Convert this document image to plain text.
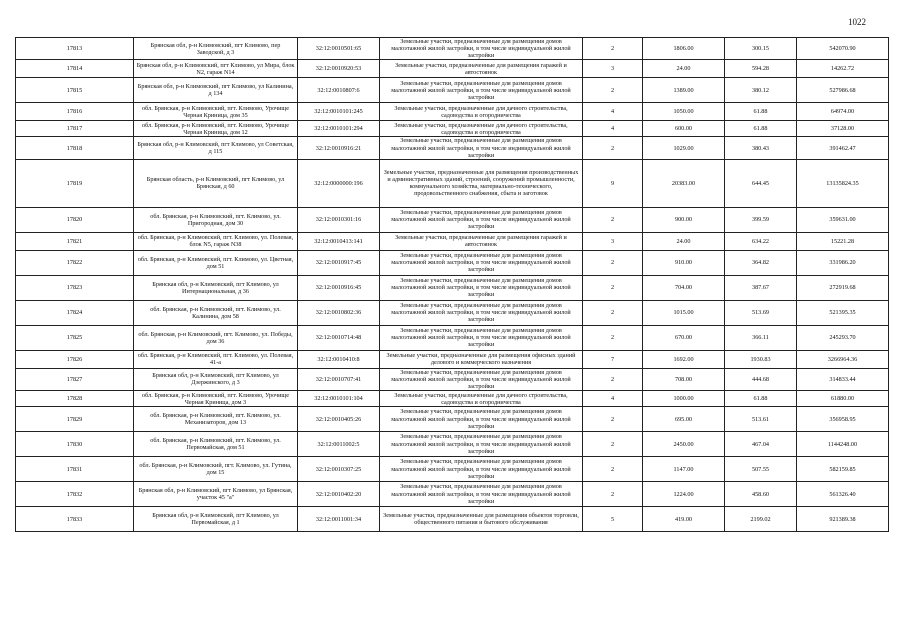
1022
17813	Брянская обл, р-н Климовский, пгт Климово, пер Заводской, д 3	32:12:0010501:65	Земельные участки, предназначенные для размещения домов малоэтажной жилой застройки, в том числе индивидуальной жилой застройки	2	1806.00	300.15	542070.90
17814	Брянская обл, р-н Климовский, пгт Климово, ул Мира, блок N2, гараж N14	32:12:0010920:53	Земельные участки, предназначенные для размещения гаражей и автостоянок	3	24.00	594.28	14262.72
17815	Брянская обл, р-н Климовский, пгт Климово, ул Калинина, д 134	32:12:0010807:6	Земельные участки, предназначенные для размещения домов малоэтажной жилой застройки, в том числе индивидуальной жилой застройки	2	1389.00	380.12	527986.68
17816	обл. Брянская, р-н Климовский, пгт. Климово, Урочище Черная Криница, дом 35	32:12:0010101:245	Земельные участки, предназначенные для дачного строительства, садоводства и огородничества	4	1050.00	61.88	64974.00
17817	обл. Брянская, р-н Климовский, пгт. Климово, Урочище Черная Криница, дом 12	32:12:0010101:294	Земельные участки, предназначенные для дачного строительства, садоводства и огородничества	4	600.00	61.88	37128.00
17818	Брянская обл, р-н Климовский, пгт Климово, ул Советская, д 115	32:12:0010916:21	Земельные участки, предназначенные для размещения домов малоэтажной жилой застройки, в том числе индивидуальной жилой застройки	2	1029.00	380.43	391462.47
17819	Брянская область, р-н Климовский, пгт Климово, ул Брянская, д 60	32:12:0000000:196	Земельные участки, предназначенные для размещения производственных и административных зданий, строений, сооружений промышленности, коммунального хозяйства, материально-технического, продовольственного снабжения, сбыта и заготовок	9	20383.00	644.45	13135824.35
17820	обл. Брянская, р-н Климовский, пгт. Климово, ул. Пригородная, дом 30	32:12:0010301:16	Земельные участки, предназначенные для размещения домов малоэтажной жилой застройки, в том числе индивидуальной жилой застройки	2	900.00	399.59	359631.00
17821	обл. Брянская, р-н Климовский, пгт. Климово, ул. Полевая, блок N5, гараж N38	32:12:0010413:141	Земельные участки, предназначенные для размещения гаражей и автостоянок	3	24.00	634.22	15221.28
17822	обл. Брянская, р-н Климовский, пгт. Климово, ул. Цветная, дом 51	32:12:0010917:45	Земельные участки, предназначенные для размещения домов малоэтажной жилой застройки, в том числе индивидуальной жилой застройки	2	910.00	364.82	331986.20
17823	Брянская обл, р-н Климовский, пгт Климово, ул Интернациональная, д 36	32:12:0010916:45	Земельные участки, предназначенные для размещения домов малоэтажной жилой застройки, в том числе индивидуальной жилой застройки	2	704.00	387.67	272919.68
17824	обл. Брянская, р-н Климовский, пгт. Климово, ул. Калинина, дом 58	32:12:0010802:36	Земельные участки, предназначенные для размещения домов малоэтажной жилой застройки, в том числе индивидуальной жилой застройки	2	1015.00	513.69	521395.35
17825	обл. Брянская, р-н Климовский, пгт. Климово, ул. Победы, дом 36	32:12:0010714:48	Земельные участки, предназначенные для размещения домов малоэтажной жилой застройки, в том числе индивидуальной жилой застройки	2	670.00	366.11	245293.70
17826	обл. Брянская, р-н Климовский, пгт. Климово, ул. Полевая, 41-а	32:12:0010410:8	Земельные участки, предназначенные для размещения офисных зданий делового и коммерческого назначения	7	1692.00	1930.83	3266964.36
17827	Брянская обл, р-н Климовский, пгт Климово, ул Дзержинского, д 3	32:12:0010707:41	Земельные участки, предназначенные для размещения домов малоэтажной жилой застройки, в том числе индивидуальной жилой застройки	2	708.00	444.68	314833.44
17828	обл. Брянская, р-н Климовский, пгт. Климово, Урочище Черная Криница, дом 3	32:12:0010101:104	Земельные участки, предназначенные для дачного строительства, садоводства и огородничества	4	1000.00	61.88	61880.00
17829	обл. Брянская, р-н Климовский, пгт. Климово, ул. Механизаторов, дом 13	32:12:0010405:26	Земельные участки, предназначенные для размещения домов малоэтажной жилой застройки, в том числе индивидуальной жилой застройки	2	695.00	513.61	356958.95
17830	обл. Брянская, р-н Климовский, пгт. Климово, ул. Первомайская, дом 51	32:12:0011002:5	Земельные участки, предназначенные для размещения домов малоэтажной жилой застройки, в том числе индивидуальной жилой застройки	2	2450.00	467.04	1144248.00
17831	обл. Брянская, р-н Климовский, пгт. Климово, ул. Гутина, дом 15	32:12:0010307:25	Земельные участки, предназначенные для размещения домов малоэтажной жилой застройки, в том числе индивидуальной жилой застройки	2	1147.00	507.55	582159.85
17832	Брянская обл, р-н Климовский, пгт Климово, ул Брянская, участок 45 "а"	32:12:0010402:20	Земельные участки, предназначенные для размещения домов малоэтажной жилой застройки, в том числе индивидуальной жилой застройки	2	1224.00	458.60	561326.40
17833	Брянская обл, р-н Климовский, пгт Климово, ул Первомайская, д 1	32:12:0011001:34	Земельные участки, предназначенные для размещения объектов торговли, общественного питания и бытового обслуживания	5	419.00	2199.02	921389.38
